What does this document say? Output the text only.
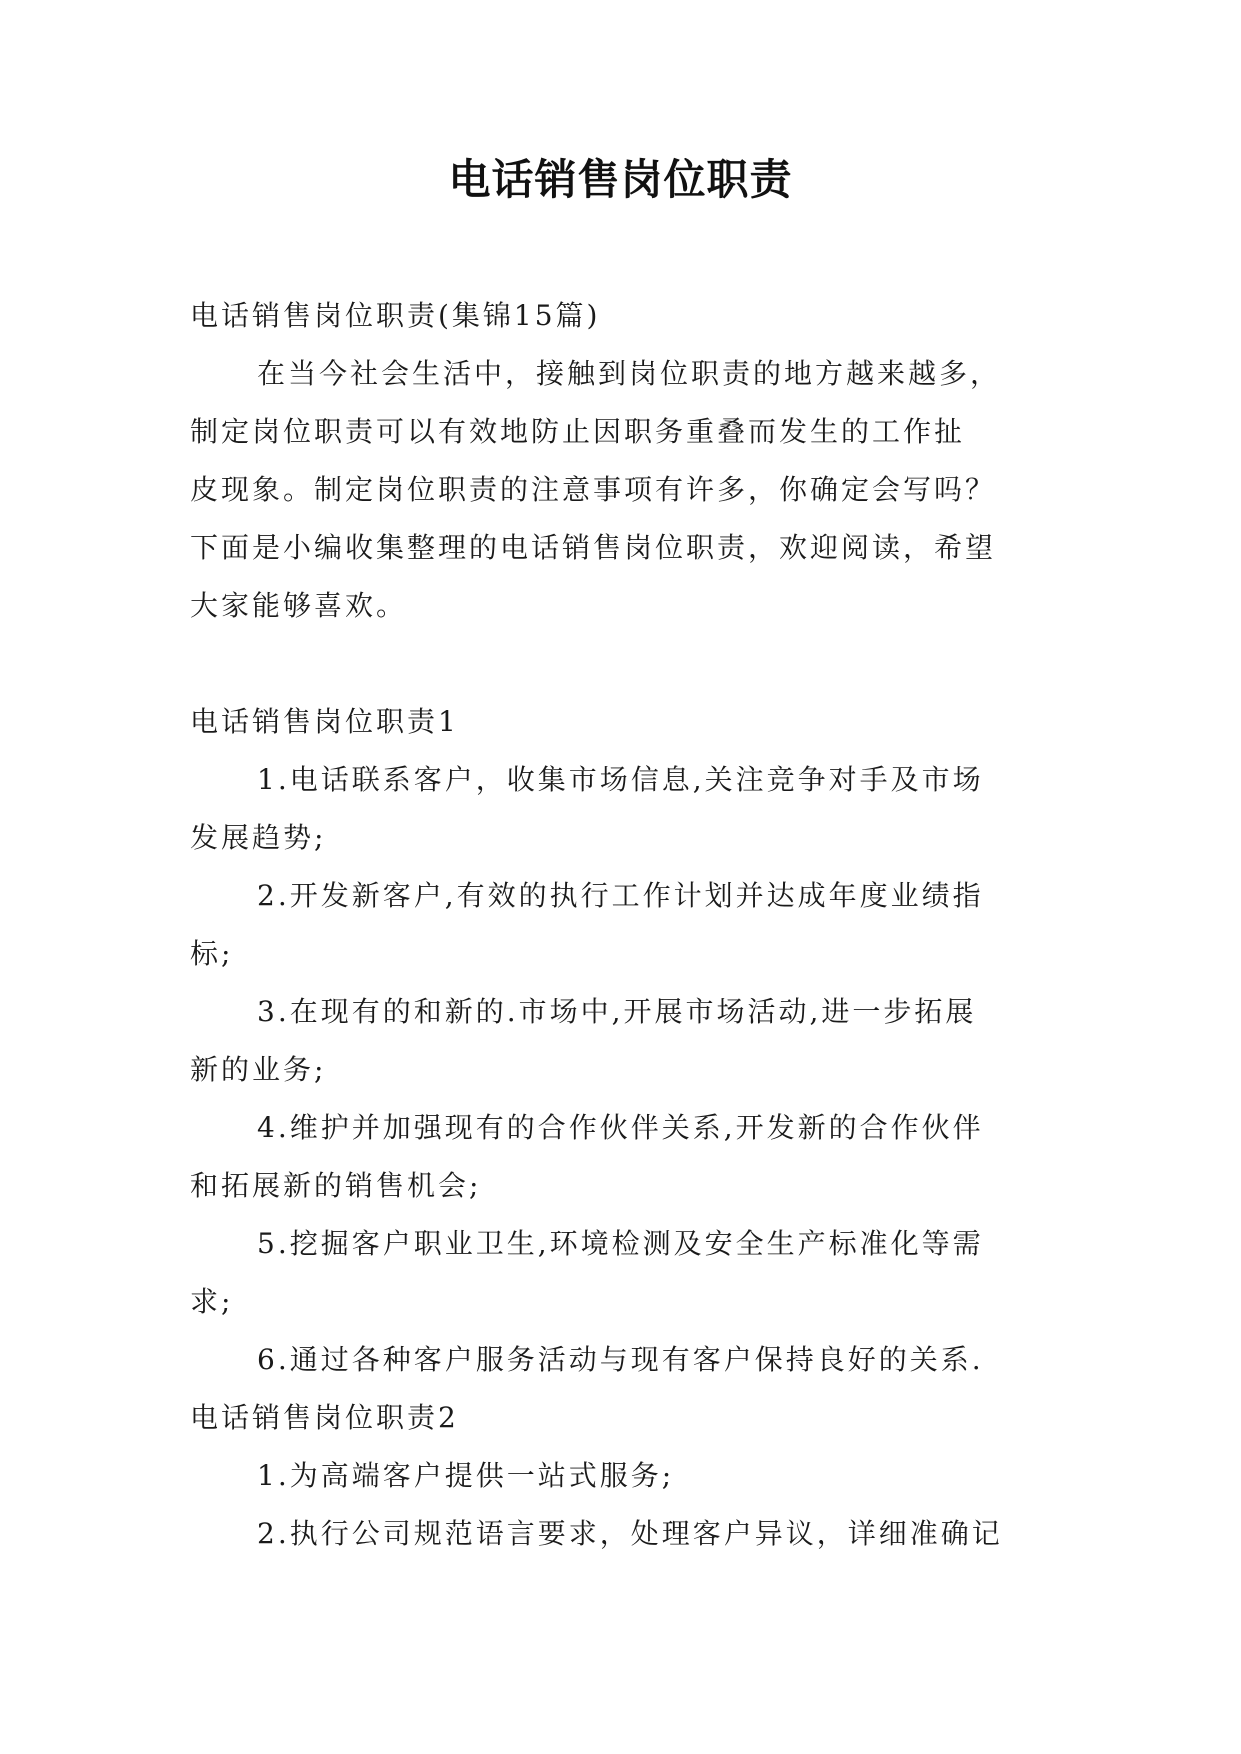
电话销售岗位职责
电话销售岗位职责(集锦15篇)
在当今社会生活中，接触到岗位职责的地方越来越多，
制定岗位职责可以有效地防止因职务重叠而发生的工作扯
皮现象。制定岗位职责的注意事项有许多，你确定会写吗？
下面是小编收集整理的电话销售岗位职责，欢迎阅读，希望
大家能够喜欢。
电话销售岗位职责1
1.电话联系客户，收集市场信息,关注竞争对手及市场
发展趋势;
2.开发新客户,有效的执行工作计划并达成年度业绩指
标;
3.在现有的和新的.市场中,开展市场活动,进一步拓展
新的业务;
4.维护并加强现有的合作伙伴关系,开发新的合作伙伴
和拓展新的销售机会;
5.挖掘客户职业卫生,环境检测及安全生产标准化等需
求;
6.通过各种客户服务活动与现有客户保持良好的关系.
电话销售岗位职责2
1.为高端客户提供一站式服务;
2.执行公司规范语言要求，处理客户异议，详细准确记
